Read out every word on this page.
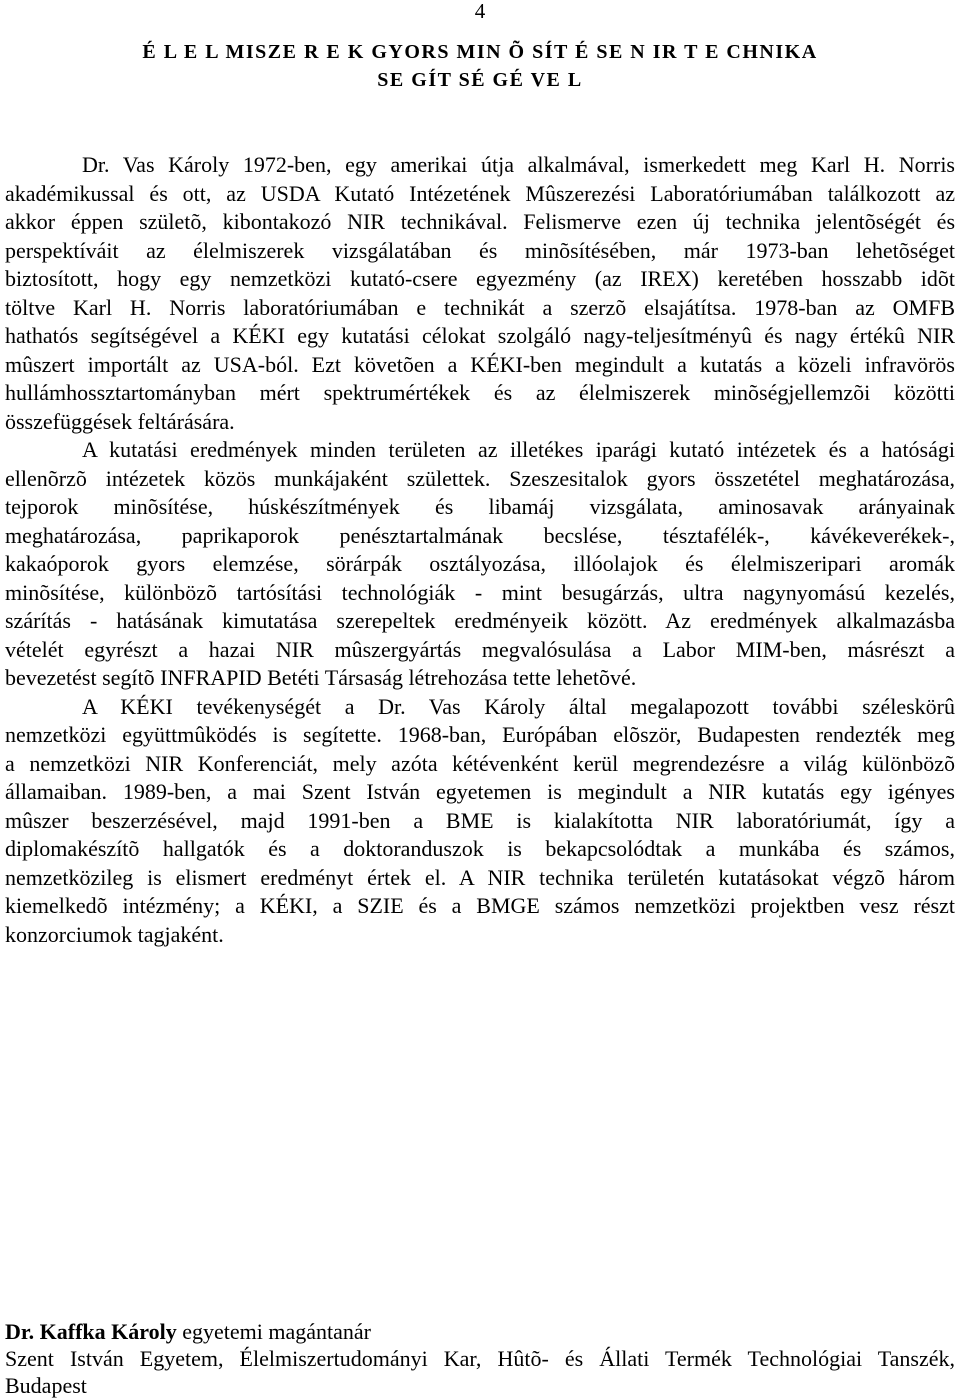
4
É L E L MISZE R E K GYORS MIN Õ SÍT É SE N IR T E CHNIKA
SE GÍT SÉ GÉ VE L
Dr. Vas Károly 1972-ben, egy amerikai útja alkalmával, ismerkedett meg Karl H. Norris
akadémikussal és ott, az USDA Kutató Intézetének Mûszerezési Laboratóriumában találkozott az
akkor éppen születõ, kibontakozó NIR technikával. Felismerve ezen új technika jelentõségét és
perspektíváit az élelmiszerek vizsgálatában és minõsítésében, már 1973-ban lehetõséget
biztosított, hogy egy nemzetközi kutató-csere egyezmény (az IREX) keretében hosszabb idõt
töltve Karl H. Norris laboratóriumában e technikát a szerzõ elsajátítsa. 1978-ban az OMFB
hathatós segítségével a KÉKI egy kutatási célokat szolgáló nagy-teljesítményû és nagy értékû NIR
mûszert importált az USA-ból. Ezt követõen a KÉKI-ben megindult a kutatás a közeli infravörös
hullámhossztartományban mért spektrumértékek és az élelmiszerek minõségjellemzõi közötti
összefüggések feltárására.
A kutatási eredmények minden területen az illetékes iparági kutató intézetek és a hatósági
ellenõrzõ intézetek közös munkájaként születtek. Szeszesitalok gyors összetétel meghatározása,
tejporok minõsítése, húskészítmények és libamáj vizsgálata, aminosavak arányainak
meghatározása, paprikaporok penésztartalmának becslése, tésztafélék-, kávékeverékek-,
kakaóporok gyors elemzése, sörárpák osztályozása, illóolajok és élelmiszeripari aromák
minõsítése, különbözõ tartósítási technológiák - mint besugárzás, ultra nagynyomású kezelés,
szárítás - hatásának kimutatása szerepeltek eredményeik között. Az eredmények alkalmazásba
vételét egyrészt a hazai NIR mûszergyártás megvalósulása a Labor MIM-ben, másrészt a
bevezetést segítõ INFRAPID Betéti Társaság létrehozása tette lehetõvé.
A KÉKI tevékenységét a Dr. Vas Károly által megalapozott további széleskörû
nemzetközi együttmûködés is segítette. 1968-ban, Európában elõször, Budapesten rendezték meg
a nemzetközi NIR Konferenciát, mely azóta kétévenként kerül megrendezésre a világ különbözõ
államaiban. 1989-ben, a mai Szent István egyetemen is megindult a NIR kutatás egy igényes
mûszer beszerzésével, majd 1991-ben a BME is kialakította NIR laboratóriumát, így a
diplomakészítõ hallgatók és a doktoranduszok is bekapcsolódtak a munkába és számos,
nemzetközileg is elismert eredményt értek el. A NIR technika területén kutatásokat végzõ három
kiemelkedõ intézmény; a KÉKI, a SZIE és a BMGE számos nemzetközi projektben vesz részt
konzorciumok tagjaként.
Dr. Kaffka Károly egyetemi magántanár
Szent István Egyetem, Élelmiszertudományi Kar, Hûtõ- és Állati Termék Technológiai Tanszék,
Budapest
